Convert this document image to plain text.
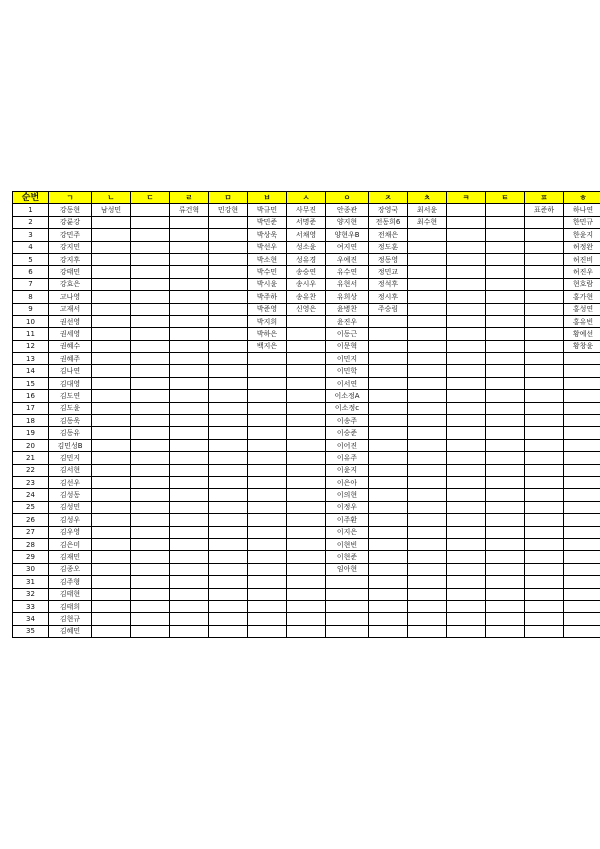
순번	ㄱ	ㄴ	ㄷ	ㄹ	ㅁ	ㅂ	ㅅ	ㅇ	ㅈ	ㅊ	ㅋ	ㅌ	ㅍ	ㅎ
1	강동현	남성민		류건혁	민강현	박규민	사무진	안종관	장영국	최서윤			표준하	하나연
2	강륜강					박민준	서명준	양지현	전동희6	최수현				한민규
3	강민주					박상욱	서채영	양현우B	전채은					한윤지
4	강지민					박선우	성소윤	여지연	정도훈					허정완
5	강지후					박소현	성유경	우예진	정동영					허진비
6	강태민					박수민	송승연	유수연	정민교					허진우
7	강효은					박시윤	송시우	유현서	정석후					현호람
8	고나영					박주하	송유찬	유희상	정시후					홍가현
9	고재서					박준영	신영은	윤병찬	주승림					홍성연
10	권선영					박지희		윤진우						홍유빈
11	권세영					박하은		이동근						황예선
12	권혜수					백지은		이문혁						황창윤
13	권혜주							이민지						
14	김나연							이민학						
15	김대영							이서연						
16	김도연							이소정A						
17	김도윤							이소정c						
18	김동욱							이송주						
19	김동유							이승준						
20	김민성B							이어진						
21	김민지							이유주						
22	김서현							이윤지						
23	김선우							이은아						
24	김성동							이의현						
25	김성민							이정우						
26	김성우							이주환						
27	김우영							이지은						
28	김은미							이현빈						
29	김재민							이현준						
30	김종오							임아현						
31	김주형													
32	김태현													
33	김태희													
34	김현규													
35	김혜민													
